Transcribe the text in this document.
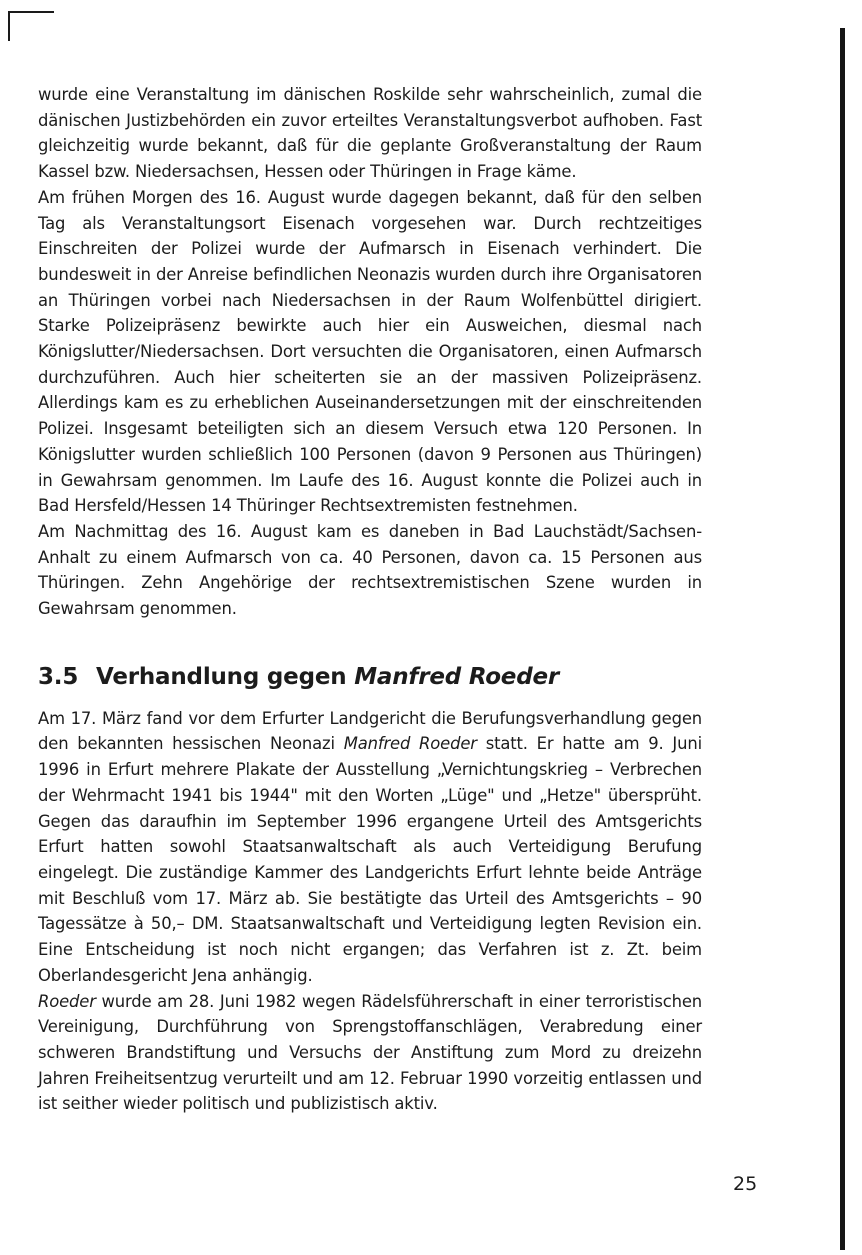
wurde eine Veranstaltung im dänischen Roskilde sehr wahrscheinlich, zumal die dänischen Justizbehörden ein zuvor erteiltes Veranstaltungsverbot aufhoben. Fast gleichzeitig wurde bekannt, daß für die geplante Großveranstaltung der Raum Kassel bzw. Niedersachsen, Hessen oder Thüringen in Frage käme.

Am frühen Morgen des 16. August wurde dagegen bekannt, daß für den selben Tag als Veranstaltungsort Eisenach vorgesehen war. Durch rechtzeitiges Einschreiten der Polizei wurde der Aufmarsch in Eisenach verhindert. Die bundesweit in der Anreise befindlichen Neonazis wurden durch ihre Organisatoren an Thüringen vorbei nach Niedersachsen in der Raum Wolfenbüttel dirigiert. Starke Polizeipräsenz bewirkte auch hier ein Ausweichen, diesmal nach Königslutter/Niedersachsen. Dort versuchten die Organisatoren, einen Aufmarsch durchzuführen. Auch hier scheiterten sie an der massiven Polizeipräsenz. Allerdings kam es zu erheblichen Auseinandersetzungen mit der einschreitenden Polizei. Insgesamt beteiligten sich an diesem Versuch etwa 120 Personen. In Königslutter wurden schließlich 100 Personen (davon 9 Personen aus Thüringen) in Gewahrsam genommen. Im Laufe des 16. August konnte die Polizei auch in Bad Hersfeld/Hessen 14 Thüringer Rechtsextremisten festnehmen.

Am Nachmittag des 16. August kam es daneben in Bad Lauchstädt/Sachsen-Anhalt zu einem Aufmarsch von ca. 40 Personen, davon ca. 15 Personen aus Thüringen. Zehn Angehörige der rechtsextremistischen Szene wurden in Gewahrsam genommen.

3.5 Verhandlung gegen Manfred Roeder

Am 17. März fand vor dem Erfurter Landgericht die Berufungsverhandlung gegen den bekannten hessischen Neonazi Manfred Roeder statt. Er hatte am 9. Juni 1996 in Erfurt mehrere Plakate der Ausstellung „Vernichtungskrieg – Verbrechen der Wehrmacht 1941 bis 1944" mit den Worten „Lüge" und „Hetze" übersprüht. Gegen das daraufhin im September 1996 ergangene Urteil des Amtsgerichts Erfurt hatten sowohl Staatsanwaltschaft als auch Verteidigung Berufung eingelegt. Die zuständige Kammer des Landgerichts Erfurt lehnte beide Anträge mit Beschluß vom 17. März ab. Sie bestätigte das Urteil des Amtsgerichts – 90 Tagessätze à 50,– DM. Staatsanwaltschaft und Verteidigung legten Revision ein. Eine Entscheidung ist noch nicht ergangen; das Verfahren ist z. Zt. beim Oberlandesgericht Jena anhängig.

Roeder wurde am 28. Juni 1982 wegen Rädelsführerschaft in einer terroristischen Vereinigung, Durchführung von Sprengstoffanschlägen, Verabredung einer schweren Brandstiftung und Versuchs der Anstiftung zum Mord zu dreizehn Jahren Freiheitsentzug verurteilt und am 12. Februar 1990 vorzeitig entlassen und ist seither wieder politisch und publizistisch aktiv.

25
